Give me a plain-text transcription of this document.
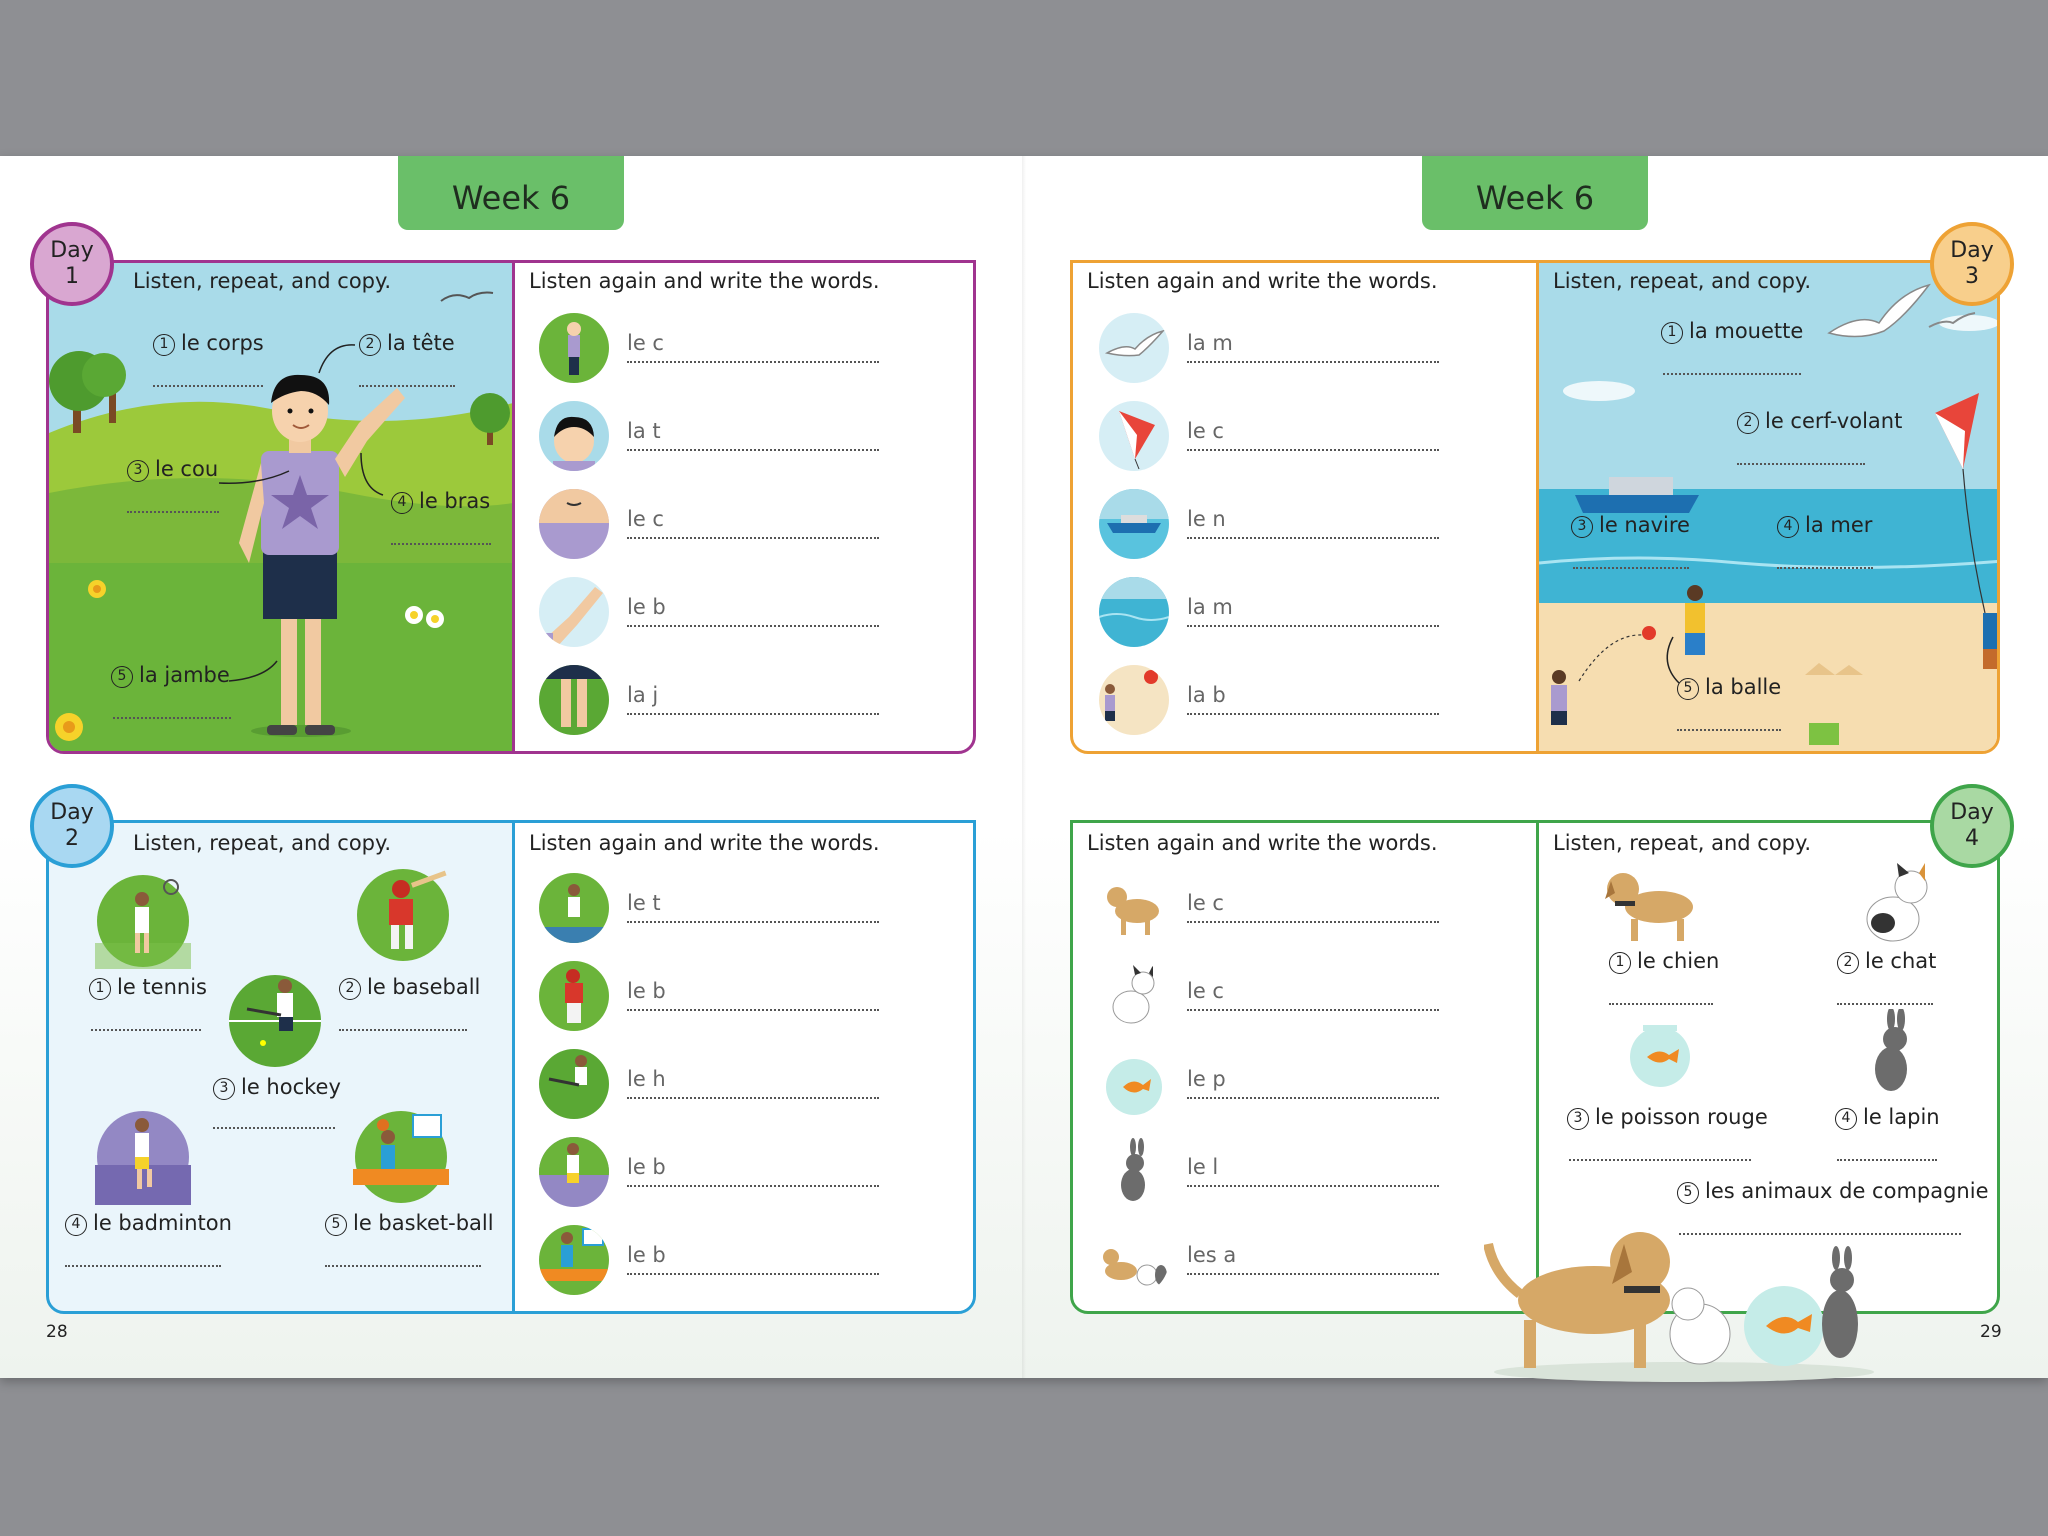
Week 6	Week 6
Day
1	Listen, repeat, and copy.
1 le corps	2 la tête
3 le cou
4 le bras
5 la jambe
Listen again and write the words.
le c
la t
le c
le b
la j
Day
2	Listen, repeat, and copy.
1 le tennis	2 le baseball
3 le hockey
4 le badminton	5 le basket-ball
Listen again and write the words.
le t
le b
le h
le b
le b
28
Day
3
Listen again and write the words.
la m
le c
le n
la m
la b
Listen, repeat, and copy.
1 la mouette
2 le cerf-volant
3 le navire	4 la mer
5 la balle
Day
4
Listen again and write the words.
le c
le c
le p
le l
les a
Listen, repeat, and copy.
1 le chien	2 le chat
3 le poisson rouge	4 le lapin
5 les animaux de compagnie
29
